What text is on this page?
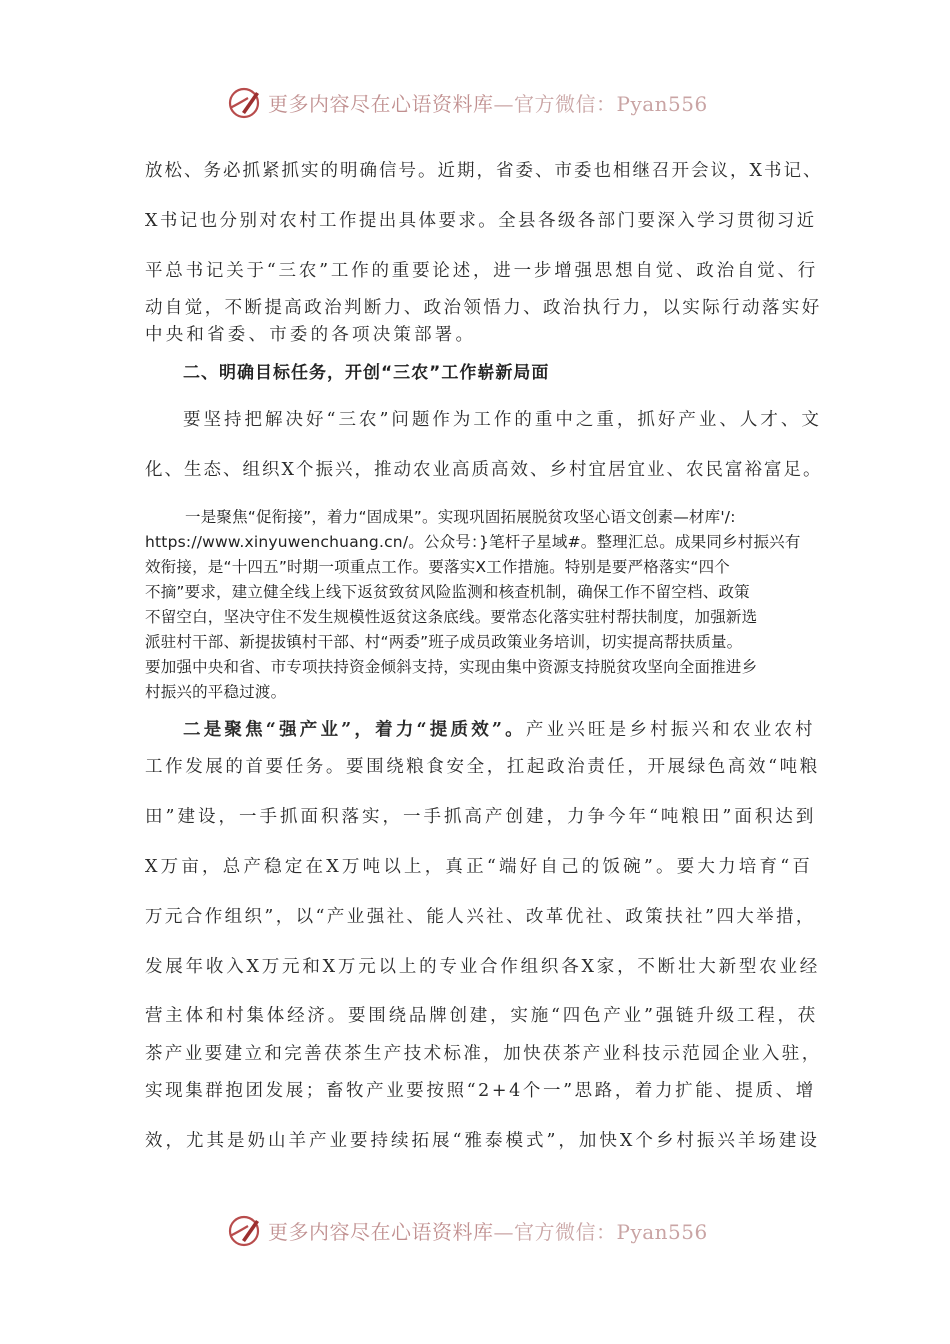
更多内容尽在心语资料库—官方微信：Pyan556
放松、务必抓紧抓实的明确信号。近期，省委、市委也相继召开会议，X书记、
X书记也分别对农村工作提出具体要求。全县各级各部门要深入学习贯彻习近
平总书记关于“三农”工作的重要论述，进一步增强思想自觉、政治自觉、行
动自觉，不断提高政治判断力、政治领悟力、政治执行力，以实际行动落实好
中央和省委、市委的各项决策部署。
二、明确目标任务，开创“三农”工作崭新局面
要坚持把解决好“三农”问题作为工作的重中之重，抓好产业、人才、文
化、生态、组织X个振兴，推动农业高质高效、乡村宜居宜业、农民富裕富足。
一是聚焦“促衔接”，着力“固成果”。实现巩固拓展脱贫攻坚心语文创素—材库'/:
https://www.xinyuwenchuang.cn/。公众号：}笔杆子星域#。整理汇总。成果同乡村振兴有
效衔接，是“十四五”时期一项重点工作。要落实X工作措施。特别是要严格落实“四个
不摘”要求，建立健全线上线下返贫致贫风险监测和核查机制，确保工作不留空档、政策
不留空白，坚决守住不发生规模性返贫这条底线。要常态化落实驻村帮扶制度，加强新选
派驻村干部、新提拔镇村干部、村“两委”班子成员政策业务培训，切实提高帮扶质量。
要加强中央和省、市专项扶持资金倾斜支持，实现由集中资源支持脱贫攻坚向全面推进乡
村振兴的平稳过渡。
二是聚焦“强产业”，着力“提质效”。产业兴旺是乡村振兴和农业农村
工作发展的首要任务。要围绕粮食安全，扛起政治责任，开展绿色高效“吨粮
田”建设，一手抓面积落实，一手抓高产创建，力争今年“吨粮田”面积达到
X万亩，总产稳定在X万吨以上，真正“端好自己的饭碗”。要大力培育“百
万元合作组织”，以“产业强社、能人兴社、改革优社、政策扶社”四大举措，
发展年收入X万元和X万元以上的专业合作组织各X家，不断壮大新型农业经
营主体和村集体经济。要围绕品牌创建，实施“四色产业”强链升级工程，茯
茶产业要建立和完善茯茶生产技术标准，加快茯茶产业科技示范园企业入驻，
实现集群抱团发展；畜牧产业要按照“2+4个一”思路，着力扩能、提质、增
效，尤其是奶山羊产业要持续拓展“雅泰模式”，加快X个乡村振兴羊场建设
更多内容尽在心语资料库—官方微信：Pyan556
